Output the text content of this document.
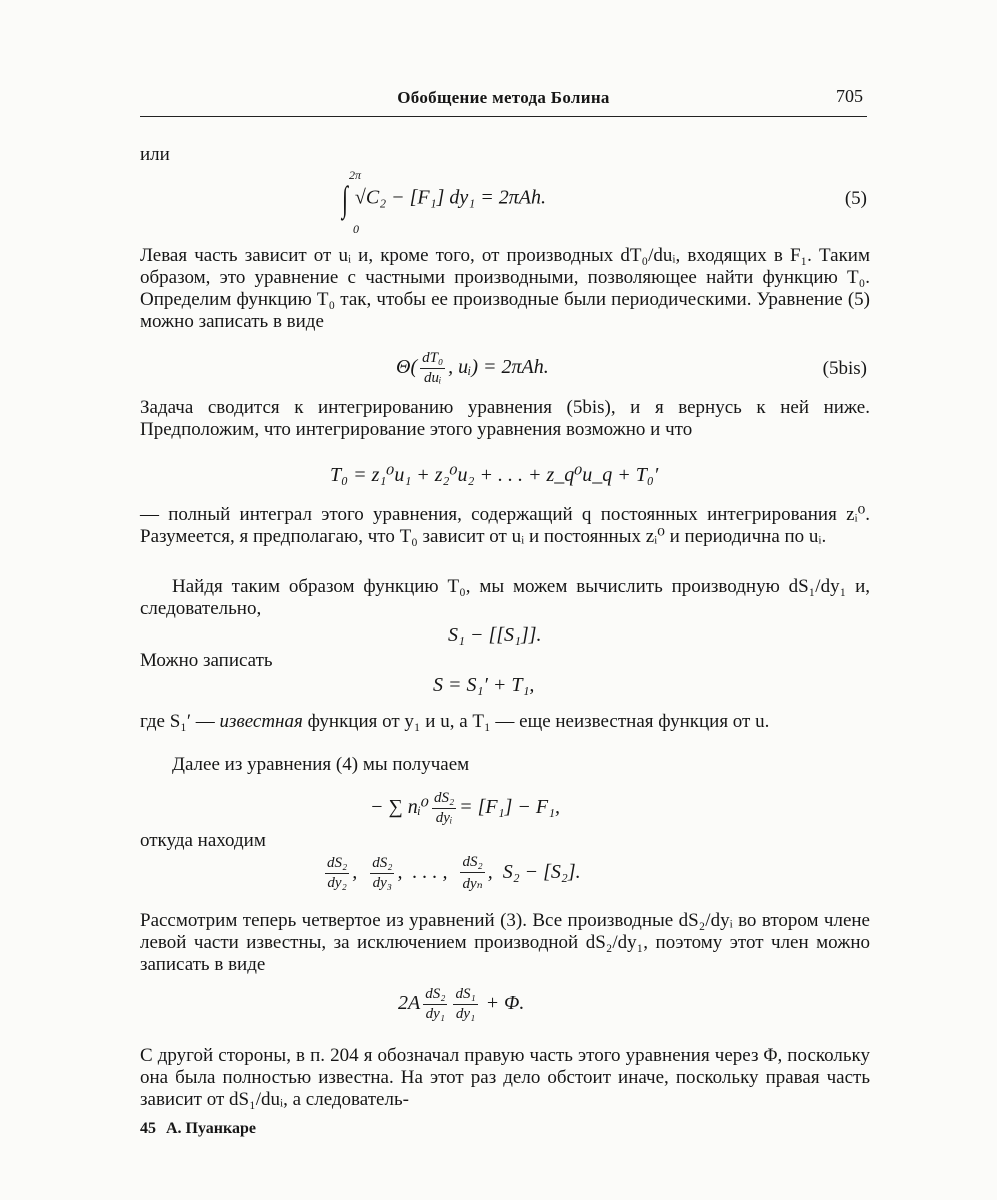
Обобщение метода Болина	705
или
2π
0
∫ √C₂ − [F₁] dy₁ = 2πAh.	(5)
Левая часть зависит от uᵢ и, кроме того, от производных dT₀/duᵢ, входящих в F₁. Таким образом, это уравнение с частными производными, позволяющее найти функцию T₀. Определим функцию T₀ так, чтобы ее производные были периодическими. Уравнение (5) можно записать в виде
$\Theta( \frac{\text{dT₀}}{\text{duᵢ}}$ , uᵢ) = 2πAh.	(5bis)
Задача сводится к интегрированию уравнения (5bis), и я вернусь к ней ниже. Предположим, что интегрирование этого уравнения возможно и что
T₀ = z₁⁰u₁ + z₂⁰u₂ + . . . + z_q⁰u_q + T₀′
— полный интеграл этого уравнения, содержащий q постоянных интегрирования zᵢ⁰. Разумеется, я предполагаю, что T₀ зависит от uᵢ и постоянных zᵢ⁰ и периодична по uᵢ.
Найдя таким образом функцию T₀, мы можем вычислить производную dS₁/dy₁ и, следовательно,
S₁ − [[S₁]].
Можно записать
S = S₁′ + T₁,
где S₁′ — известная функция от y₁ и u, а T₁ — еще неизвестная функция от u.
Далее из уравнения (4) мы получаем
− ∑ nᵢ⁰ $\frac{\text{dS₂}}{\text{dyᵢ}} = [F_1] - F_1$,
откуда находим
$\frac{\text{dS₂}}{\text{dy₂}}$ , $\frac{\text{dS₂}}{\text{dy₃}}$ ,  . . . , $\frac{\text{dS₂}}{\text{dyₙ}}$ ,  S₂ − [S₂].
Рассмотрим теперь четвертое из уравнений (3). Все производные dS₂/dyᵢ во втором члене левой части известны, за исключением производной dS₂/dy₁, поэтому этот член можно записать в виде
$2A \frac{\text{dS₂}}{\text{dy₁}} \frac{\text{dS₁}}{\text{dy₁}} + \Phi$.
С другой стороны, в п. 204 я обозначал правую часть этого уравнения через Φ, поскольку она была полностью известна. На этот раз дело обстоит иначе, поскольку правая часть зависит от dS₁/duᵢ, а следователь-
45 А. Пуанкаре
